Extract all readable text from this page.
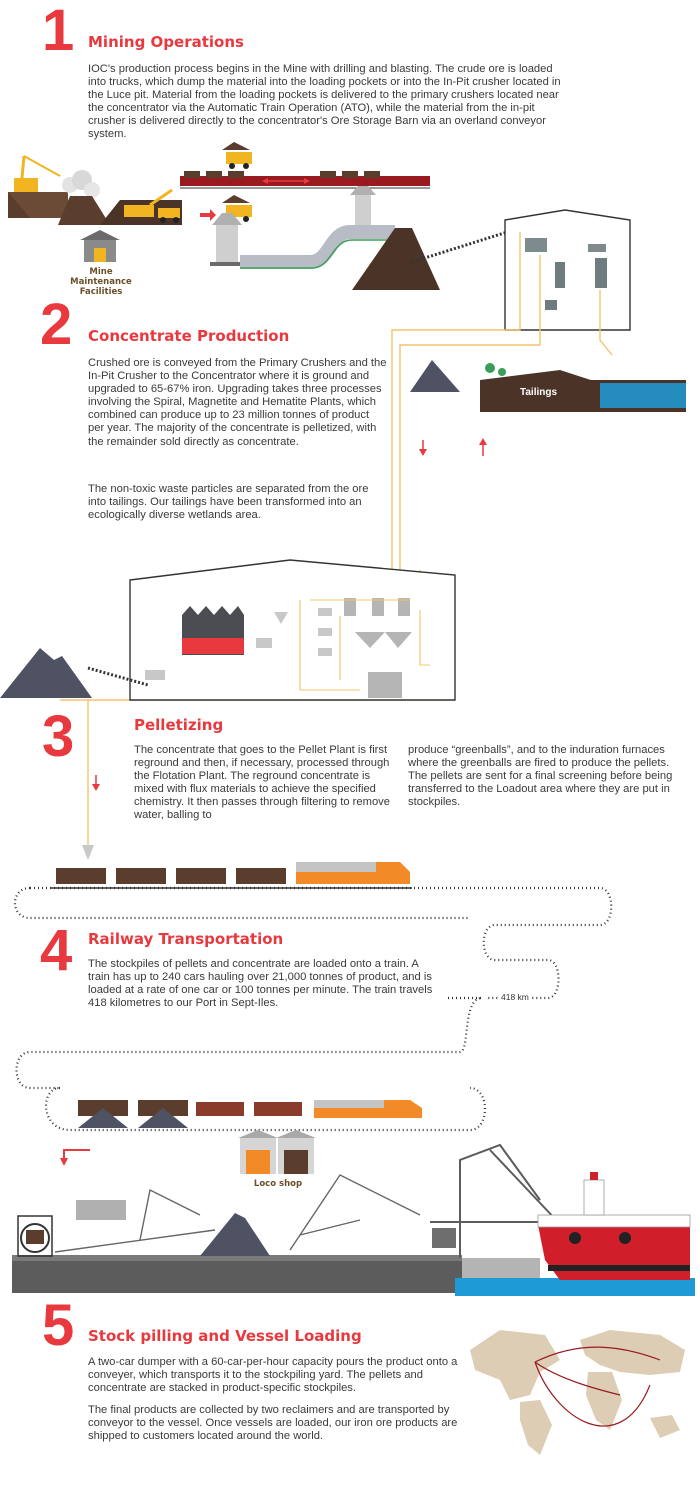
1 Mining Operations

IOC's production process begins in the Mine with drilling and blasting. The crude ore is loaded into trucks, which dump the material into the loading pockets or into the In-Pit crusher located in the Luce pit. Material from the loading pockets is delivered to the primary crushers located near the concentrator via the Automatic Train Operation (ATO), while the material from the in-pit crusher is delivered directly to the concentrator's Ore Storage Barn via an overland conveyor system.

Mine Maintenance Facilities
2 Concentrate Production

Crushed ore is conveyed from the Primary Crushers and the In-Pit Crusher to the Concentrator where it is ground and upgraded to 65-67% iron. Upgrading takes three processes involving the Spiral, Magnetite and Hematite Plants, which combined can produce up to 23 million tonnes of product per year. The majority of the concentrate is pelletized, with the remainder sold directly as concentrate.

The non-toxic waste particles are separated from the ore into tailings. Our tailings have been transformed into an ecologically diverse wetlands area.

Tailings
3	Pelletizing

The concentrate that goes to the Pellet Plant is first reground and then, if necessary, processed through the Flotation Plant. The reground concentrate is mixed with flux materials to achieve the specified chemistry. It then passes through filtering to remove water, balling to

produce “greenballs”, and to the induration furnaces where the greenballs are fired to produce the pellets. The pellets are sent for a final screening before being transferred to the Loadout area where they are put in stockpiles.

4 Railway Transportation

The stockpiles of pellets and concentrate are loaded onto a train. A train has up to 240 cars hauling over 21,000 tonnes of product, and is loaded at a rate of one car or 100 tonnes per minute. The train travels 418 kilometres to our Port in Sept-Iles.

418 km
Loco shop
5 Stock pilling and Vessel Loading

A two-car dumper with a 60-car-per-hour capacity pours the product onto a conveyer, which transports it to the stockpiling yard. The pellets and concentrate are stacked in product-specific stockpiles.

The final products are collected by two reclaimers and are transported by conveyor to the vessel. Once vessels are loaded, our iron ore products are shipped to customers located around the world.
